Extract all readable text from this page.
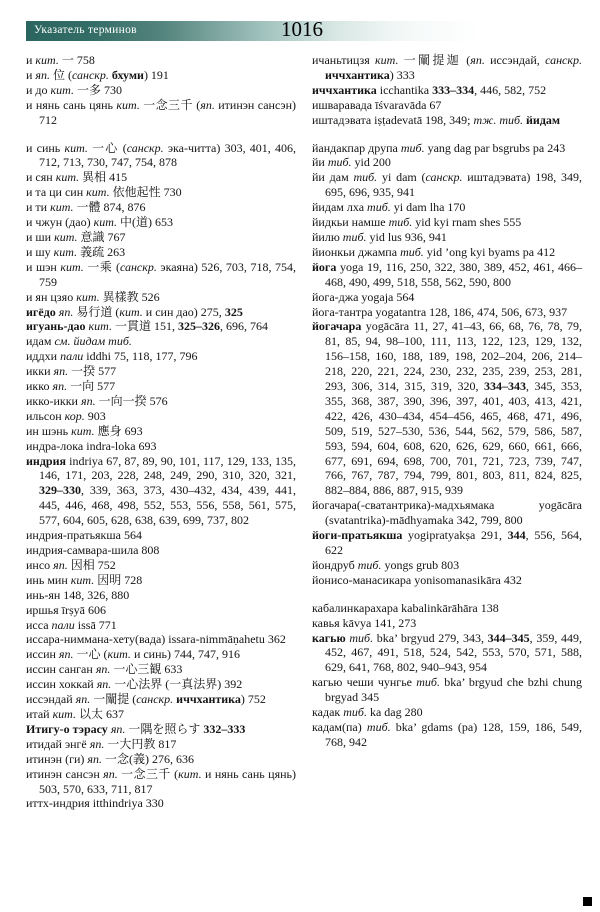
Указатель терминов	1016
и кит. 一 758
и яп. 位 (санскр. бхуми) 191
и до кит. 一多 730
и нянь сань цянь кит. 一念三千 (яп. итинэн сансэн) 712
и синь кит. 一心 (санскр. эка-читта) 303, 401, 406, 712, 713, 730, 747, 754, 878
и сян кит. 異相 415
и та ци син кит. 依他起性 730
и ти кит. 一體 874, 876
и чжун (дао) кит. 中(道) 653
и ши кит. 意識 767
и шу кит. 義疏 263
и шэн кит. 一乘 (санскр. экаяна) 526, 703, 718, 754, 759
и ян цзяо кит. 異樣教 526
игёдо яп. 易行道 (кит. и син дао) 275, 325
игуань-дао кит. 一貫道 151, 325–326, 696, 764
идам см. йидам тиб.
иддхи пали iddhi 75, 118, 177, 796
икки яп. 一揆 577
икко яп. 一向 577
икко-икки яп. 一向一揆 576
ильсон кор. 903
ин шэнь кит. 應身 693
индра-лока indra-loka 693
индрия indriya 67, 87, 89, 90, 101, 117, 129, 133, 135, 146, 171, 203, 228, 248, 249, 290, 310, 320, 321, 329–330, 339, 363, 373, 430–432, 434, 439, 441, 445, 446, 468, 498, 552, 553, 556, 558, 561, 575, 577, 604, 605, 628, 638, 639, 699, 737, 802
индрия-пратьякша 564
индрия-самвара-шила 808
инсо яп. 因相 752
инь мин кит. 因明 728
инь-ян 148, 326, 880
иршья īrṣyā 606
исса пали issā 771
иссара-ниммана-хету(вада) issara-nimmāṇahetu 362
иссин яп. 一心 (кит. и синь) 744, 747, 916
иссин санган яп. 一心三観 633
иссин хоккай яп. 一心法界 (一真法界) 392
иссэндай яп. 一闡提 (санскр. иччхантика) 752
итай кит. 以太 637
Итигу-о тэрасу яп. 一隅を照らす 332–333
итидай энгё яп. 一大円教 817
итинэн (ги) яп. 一念(義) 276, 636
итинэн сансэн яп. 一念三千 (кит. и нянь сань цянь) 503, 570, 633, 711, 817
иттх-индрия itthindriya 330
ичаньтицзя кит. 一闡提迦 (яп. иссэндай, санскр. иччхантика) 333
иччхантика icchantika 333–334, 446, 582, 752
ишваравада īśvaravāda 67
иштадэвата iṣṭadevatā 198, 349; тж. тиб. йидам
йандакпар друпа тиб. yang dag par bsgrubs pa 243
йи тиб. yid 200
йи дам тиб. yi dam (санскр. иштадэвата) 198, 349, 695, 696, 935, 941
йидам лха тиб. yi dam lha 170
йидкьи намше тиб. yid kyi rnam shes 555
йилю тиб. yid lus 936, 941
йионкьи джампа тиб. yid ’ong kyi byams pa 412
йога yoga 19, 116, 250, 322, 380, 389, 452, 461, 466–468, 490, 499, 518, 558, 562, 590, 800
йога-джа yogaja 564
йога-тантра yogatantra 128, 186, 474, 506, 673, 937
йогачара yogācāra 11, 27, 41–43, 66, 68, 76, 78, 79, 81, 85, 94, 98–100, 111, 113, 122, 123, 129, 132, 156–158, 160, 188, 189, 198, 202–204, 206, 214–218, 220, 221, 224, 230, 232, 235, 239, 253, 281, 293, 306, 314, 315, 319, 320, 334–343, 345, 353, 355, 368, 387, 390, 396, 397, 401, 403, 413, 421, 422, 426, 430–434, 454–456, 465, 468, 471, 496, 509, 519, 527–530, 536, 544, 562, 579, 586, 587, 593, 594, 604, 608, 620, 626, 629, 660, 661, 666, 677, 691, 694, 698, 700, 701, 721, 723, 739, 747, 766, 767, 787, 794, 799, 801, 803, 811, 824, 825, 882–884, 886, 887, 915, 939
йогачара(-сватантрика)-мадхьямака yogācāra (svatantrika)-mādhyamaka 342, 799, 800
йоги-пратьякша yogipratyakṣa 291, 344, 556, 564, 622
йондруб тиб. yongs grub 803
йонисо-манасикара yonisomanasikāra 432
кабалинкарахара kabalinkārāhāra 138
кавья kāvya 141, 273
кагью тиб. bka’ brgyud 279, 343, 344–345, 359, 449, 452, 467, 491, 518, 524, 542, 553, 570, 571, 588, 629, 641, 768, 802, 940–943, 954
кагью чеши чунгье тиб. bka’ brgyud che bzhi chung brgyad 345
кадак тиб. ka dag 280
кадам(па) тиб. bka’ gdams (pa) 128, 159, 186, 549, 768, 942
